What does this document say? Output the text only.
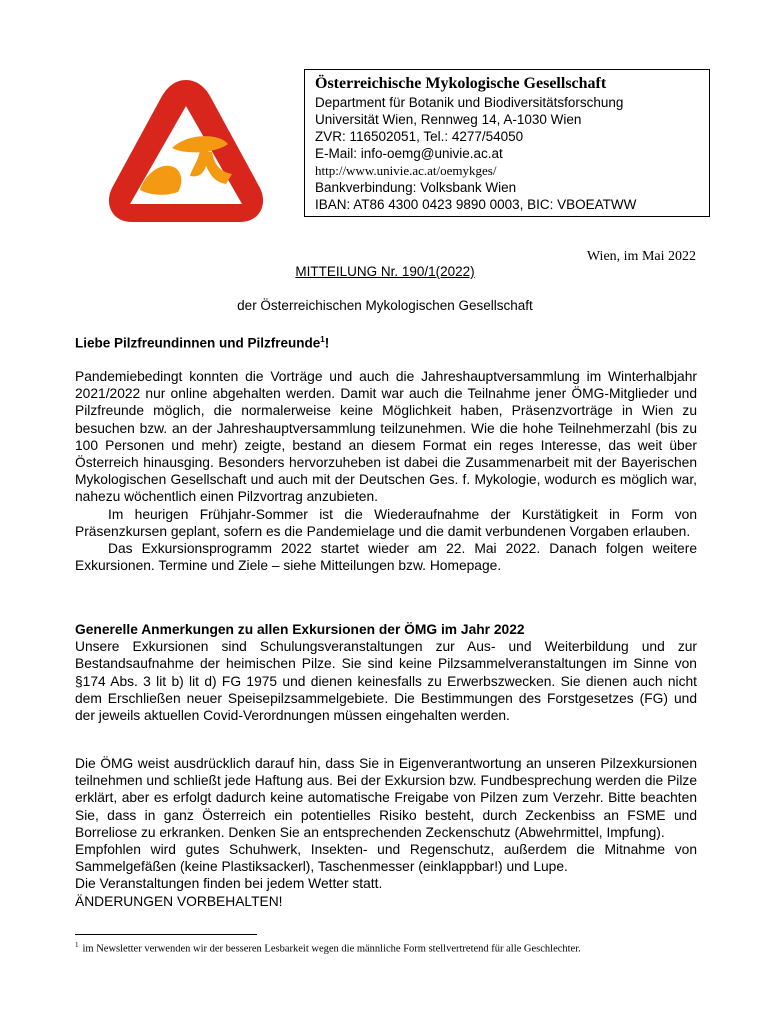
Österreichische Mykologische Gesellschaft
Department für Botanik und Biodiversitätsforschung
Universität Wien, Rennweg 14, A-1030 Wien
ZVR: 116502051, Tel.: 4277/54050
E-Mail: info-oemg@univie.ac.at
http://www.univie.ac.at/oemykges/
Bankverbindung: Volksbank Wien
IBAN: AT86 4300 0423 9890 0003, BIC: VBOEATWW
Wien, im Mai 2022
MITTEILUNG Nr. 190/1(2022)
der Österreichischen Mykologischen Gesellschaft
Liebe Pilzfreundinnen und Pilzfreunde$^1$!

Pandemiebedingt konnten die Vorträge und auch die Jahreshauptversammlung im Winterhalbjahr 2021/2022 nur online abgehalten werden. Damit war auch die Teilnahme jener ÖMG-Mitglieder und Pilzfreunde möglich, die normalerweise keine Möglichkeit haben, Präsenzvorträge in Wien zu besuchen bzw. an der Jahreshauptversammlung teilzunehmen. Wie die hohe Teilnehmerzahl (bis zu 100 Personen und mehr) zeigte, bestand an diesem Format ein reges Interesse, das weit über Österreich hinausging. Besonders hervorzuheben ist dabei die Zusammenarbeit mit der Bayerischen Mykologischen Gesellschaft und auch mit der Deutschen Ges. f. Mykologie, wodurch es möglich war, nahezu wöchentlich einen Pilzvortrag anzubieten.

Im heurigen Frühjahr-Sommer ist die Wiederaufnahme der Kurstätigkeit in Form von Präsenzkursen geplant, sofern es die Pandemielage und die damit verbundenen Vorgaben erlauben.

Das Exkursionsprogramm 2022 startet wieder am 22. Mai 2022. Danach folgen weitere Exkursionen. Termine und Ziele – siehe Mitteilungen bzw. Homepage.

Generelle Anmerkungen zu allen Exkursionen der ÖMG im Jahr 2022

Unsere Exkursionen sind Schulungsveranstaltungen zur Aus- und Weiterbildung und zur Bestandsaufnahme der heimischen Pilze. Sie sind keine Pilzsammelveranstaltungen im Sinne von §174 Abs. 3 lit b) lit d) FG 1975 und dienen keinesfalls zu Erwerbszwecken. Sie dienen auch nicht dem Erschließen neuer Speisepilzsammelgebiete. Die Bestimmungen des Forstgesetzes (FG) und der jeweils aktuellen Covid-Verordnungen müssen eingehalten werden.

Die ÖMG weist ausdrücklich darauf hin, dass Sie in Eigenverantwortung an unseren Pilzexkursionen teilnehmen und schließt jede Haftung aus. Bei der Exkursion bzw. Fundbesprechung werden die Pilze erklärt, aber es erfolgt dadurch keine automatische Freigabe von Pilzen zum Verzehr. Bitte beachten Sie, dass in ganz Österreich ein potentielles Risiko besteht, durch Zeckenbiss an FSME und Borreliose zu erkranken. Denken Sie an entsprechenden Zeckenschutz (Abwehrmittel, Impfung).

Empfohlen wird gutes Schuhwerk, Insekten- und Regenschutz, außerdem die Mitnahme von Sammelgefäßen (keine Plastiksackerl), Taschenmesser (einklappbar!) und Lupe.

Die Veranstaltungen finden bei jedem Wetter statt.

ÄNDERUNGEN VORBEHALTEN!

$^1$ im Newsletter verwenden wir der besseren Lesbarkeit wegen die männliche Form stellvertretend für alle Geschlechter.
